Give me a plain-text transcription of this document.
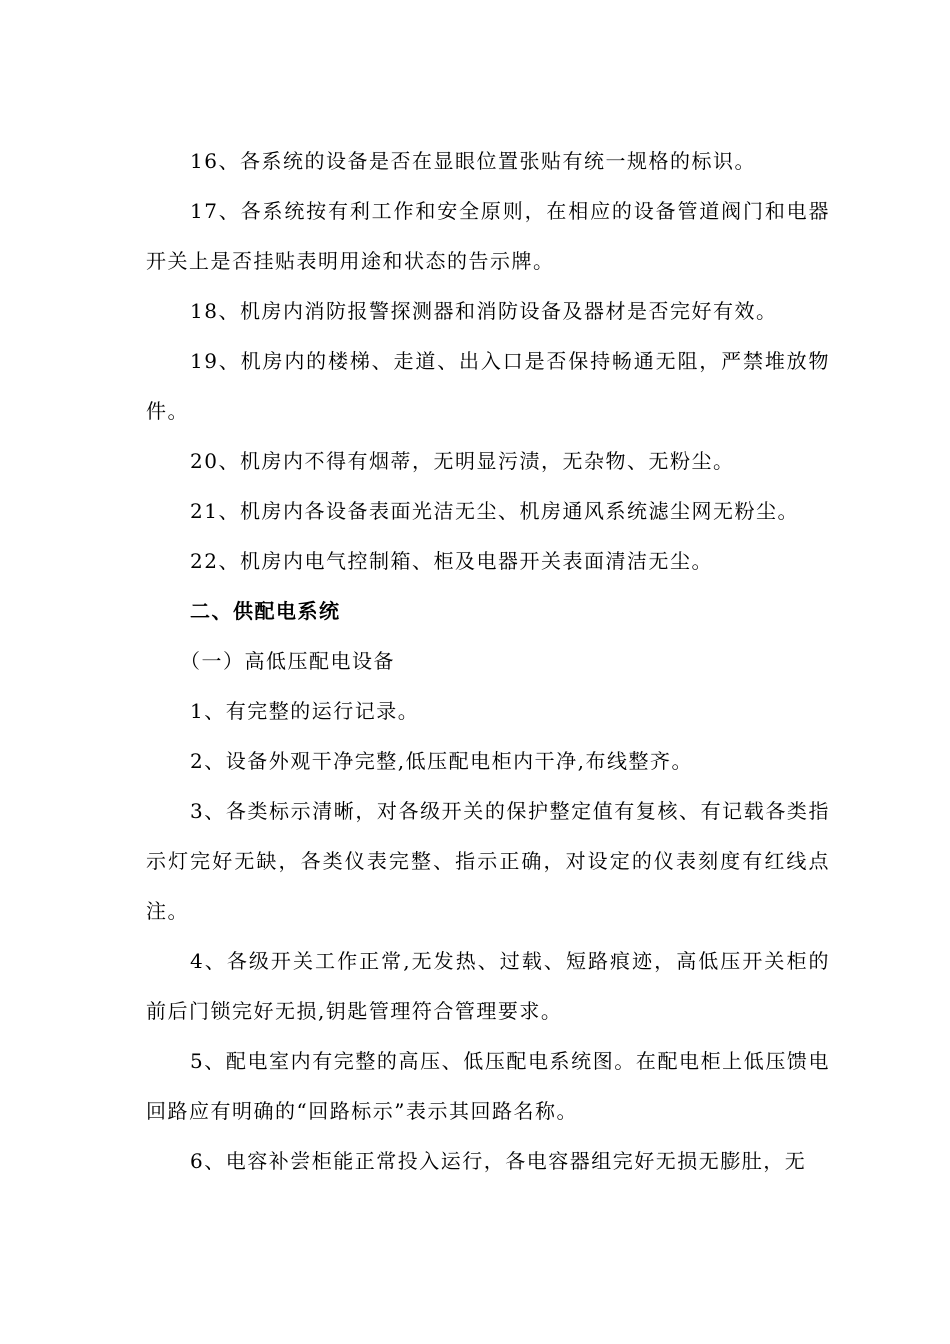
16、各系统的设备是否在显眼位置张贴有统一规格的标识。

17、各系统按有利工作和安全原则，在相应的设备管道阀门和电器开关上是否挂贴表明用途和状态的告示牌。

18、机房内消防报警探测器和消防设备及器材是否完好有效。

19、机房内的楼梯、走道、出入口是否保持畅通无阻，严禁堆放物件。

20、机房内不得有烟蒂，无明显污渍，无杂物、无粉尘。

21、机房内各设备表面光洁无尘、机房通风系统滤尘网无粉尘。

22、机房内电气控制箱、柜及电器开关表面清洁无尘。

二、供配电系统

（一）高低压配电设备

1、有完整的运行记录。

2、设备外观干净完整,低压配电柜内干净,布线整齐。

3、各类标示清晰，对各级开关的保护整定值有复核、有记载各类指示灯完好无缺，各类仪表完整、指示正确，对设定的仪表刻度有红线点注。

4、各级开关工作正常,无发热、过载、短路痕迹，高低压开关柜的前后门锁完好无损,钥匙管理符合管理要求。

5、配电室内有完整的高压、低压配电系统图。在配电柜上低压馈电回路应有明确的“回路标示”表示其回路名称。

6、电容补尝柜能正常投入运行，各电容器组完好无损无膨肚，无
